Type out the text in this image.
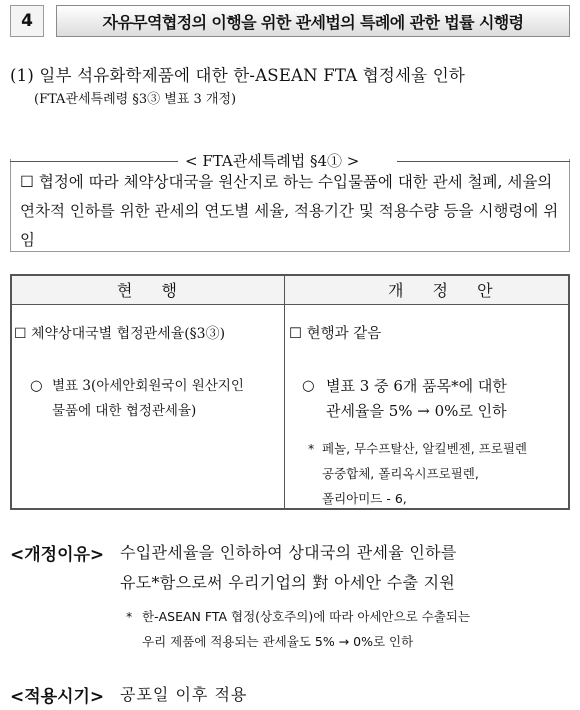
4	자유무역협정의 이행을 위한 관세법의 특례에 관한 법률 시행령
(1) 일부 석유화학제품에 대한 한-ASEAN FTA 협정세율 인하
(FTA관세특례령 §3③ 별표 3 개정)
< FTA관세특례법 §4① >
☐ 협정에 따라 체약상대국을 원산지로 하는 수입물품에 대한 관세 철폐, 세율의 연차적 인하를 위한 관세의 연도별 세율, 적용기간 및 적용수량 등을 시행령에 위임
현 행	개 정 안
☐ 체약상대국별 협정관세율(§3③)
○ 별표 3(아세안회원국이 원산지인
물품에 대한 협정관세율)
☐ 현행과 같음
○ 별표 3 중 6개 품목*에 대한
관세율을 5% → 0%로 인하
* 페놀, 무수프탈산, 알킬벤젠, 프로필렌
공중합체, 폴리옥시프로필렌,
폴리아미드 - 6,
<개정이유> 수입관세율을 인하하여 상대국의 관세율 인하를
유도*함으로써 우리기업의 對 아세안 수출 지원
* 한-ASEAN FTA 협정(상호주의)에 따라 아세안으로 수출되는
우리 제품에 적용되는 관세율도 5% → 0%로 인하
<적용시기> 공포일 이후 적용
